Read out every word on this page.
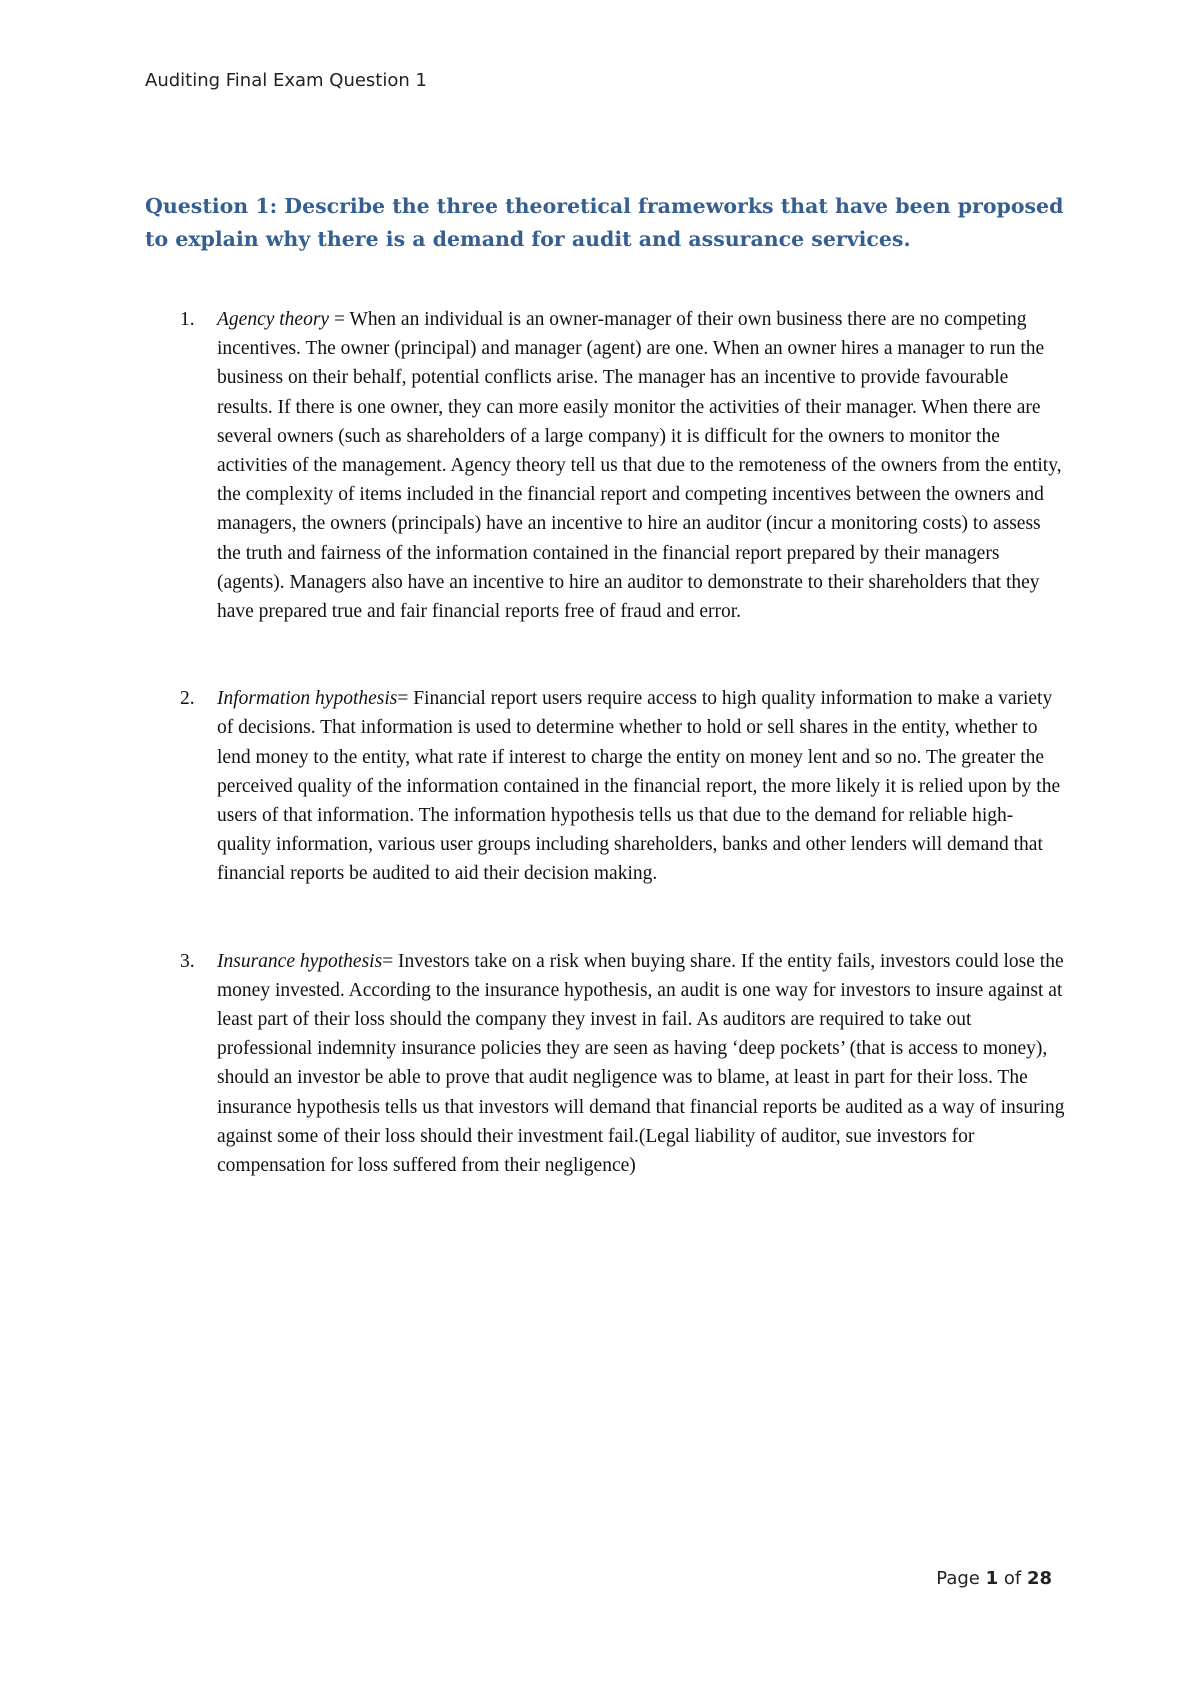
Auditing Final Exam Question 1
Question 1: Describe the three theoretical frameworks that have been proposed to explain why there is a demand for audit and assurance services.
1. Agency theory = When an individual is an owner-manager of their own business there are no competing incentives. The owner (principal) and manager (agent) are one. When an owner hires a manager to run the business on their behalf, potential conflicts arise. The manager has an incentive to provide favourable results. If there is one owner, they can more easily monitor the activities of their manager. When there are several owners (such as shareholders of a large company) it is difficult for the owners to monitor the activities of the management. Agency theory tell us that due to the remoteness of the owners from the entity, the complexity of items included in the financial report and competing incentives between the owners and managers, the owners (principals) have an incentive to hire an auditor (incur a monitoring costs) to assess the truth and fairness of the information contained in the financial report prepared by their managers (agents). Managers also have an incentive to hire an auditor to demonstrate to their shareholders that they have prepared true and fair financial reports free of fraud and error.
2. Information hypothesis= Financial report users require access to high quality information to make a variety of decisions. That information is used to determine whether to hold or sell shares in the entity, whether to lend money to the entity, what rate if interest to charge the entity on money lent and so no. The greater the perceived quality of the information contained in the financial report, the more likely it is relied upon by the users of that information. The information hypothesis tells us that due to the demand for reliable high-quality information, various user groups including shareholders, banks and other lenders will demand that financial reports be audited to aid their decision making.
3. Insurance hypothesis= Investors take on a risk when buying share. If the entity fails, investors could lose the money invested. According to the insurance hypothesis, an audit is one way for investors to insure against at least part of their loss should the company they invest in fail. As auditors are required to take out professional indemnity insurance policies they are seen as having ‘deep pockets’ (that is access to money), should an investor be able to prove that audit negligence was to blame, at least in part for their loss. The insurance hypothesis tells us that investors will demand that financial reports be audited as a way of insuring against some of their loss should their investment fail.(Legal liability of auditor, sue investors for compensation for loss suffered from their negligence)
Page 1 of 28
